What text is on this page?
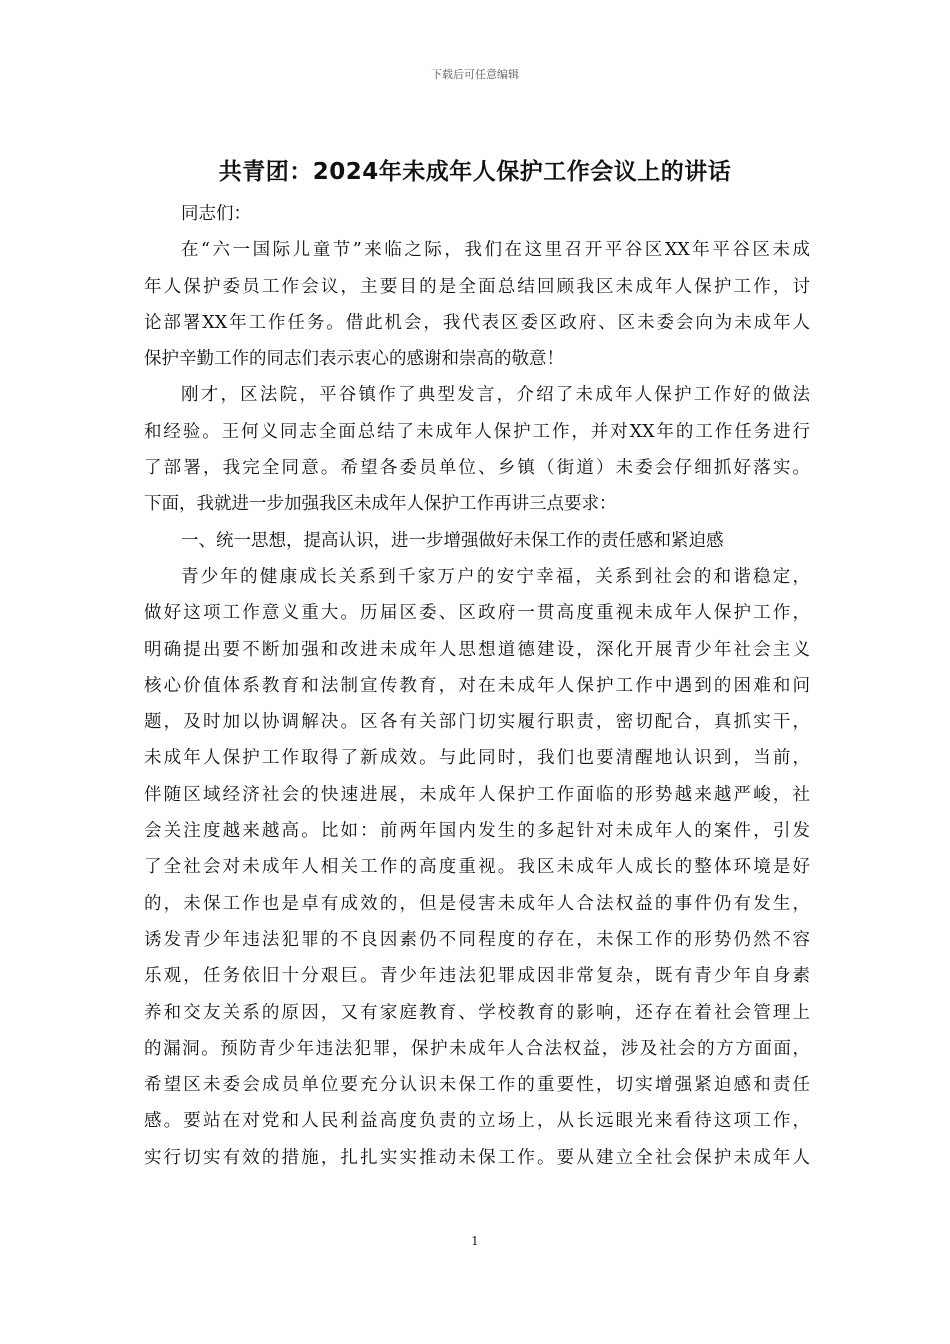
下载后可任意编辑
共青团：2024年未成年人保护工作会议上的讲话
同志们：
在“六一国际儿童节”来临之际，我们在这里召开平谷区XX年平谷区未成
年人保护委员工作会议，主要目的是全面总结回顾我区未成年人保护工作，讨
论部署XX年工作任务。借此机会，我代表区委区政府、区未委会向为未成年人
保护辛勤工作的同志们表示衷心的感谢和崇高的敬意！
刚才，区法院，平谷镇作了典型发言，介绍了未成年人保护工作好的做法
和经验。王何义同志全面总结了未成年人保护工作，并对XX年的工作任务进行
了部署，我完全同意。希望各委员单位、乡镇（街道）未委会仔细抓好落实。
下面，我就进一步加强我区未成年人保护工作再讲三点要求：
一、统一思想，提高认识，进一步增强做好未保工作的责任感和紧迫感
青少年的健康成长关系到千家万户的安宁幸福，关系到社会的和谐稳定，
做好这项工作意义重大。历届区委、区政府一贯高度重视未成年人保护工作，
明确提出要不断加强和改进未成年人思想道德建设，深化开展青少年社会主义
核心价值体系教育和法制宣传教育，对在未成年人保护工作中遇到的困难和问
题，及时加以协调解决。区各有关部门切实履行职责，密切配合，真抓实干，
未成年人保护工作取得了新成效。与此同时，我们也要清醒地认识到，当前，
伴随区域经济社会的快速进展，未成年人保护工作面临的形势越来越严峻，社
会关注度越来越高。比如：前两年国内发生的多起针对未成年人的案件，引发
了全社会对未成年人相关工作的高度重视。我区未成年人成长的整体环境是好
的，未保工作也是卓有成效的，但是侵害未成年人合法权益的事件仍有发生，
诱发青少年违法犯罪的不良因素仍不同程度的存在，未保工作的形势仍然不容
乐观，任务依旧十分艰巨。青少年违法犯罪成因非常复杂，既有青少年自身素
养和交友关系的原因，又有家庭教育、学校教育的影响，还存在着社会管理上
的漏洞。预防青少年违法犯罪，保护未成年人合法权益，涉及社会的方方面面，
希望区未委会成员单位要充分认识未保工作的重要性，切实增强紧迫感和责任
感。要站在对党和人民利益高度负责的立场上，从长远眼光来看待这项工作，
实行切实有效的措施，扎扎实实推动未保工作。要从建立全社会保护未成年人
1
